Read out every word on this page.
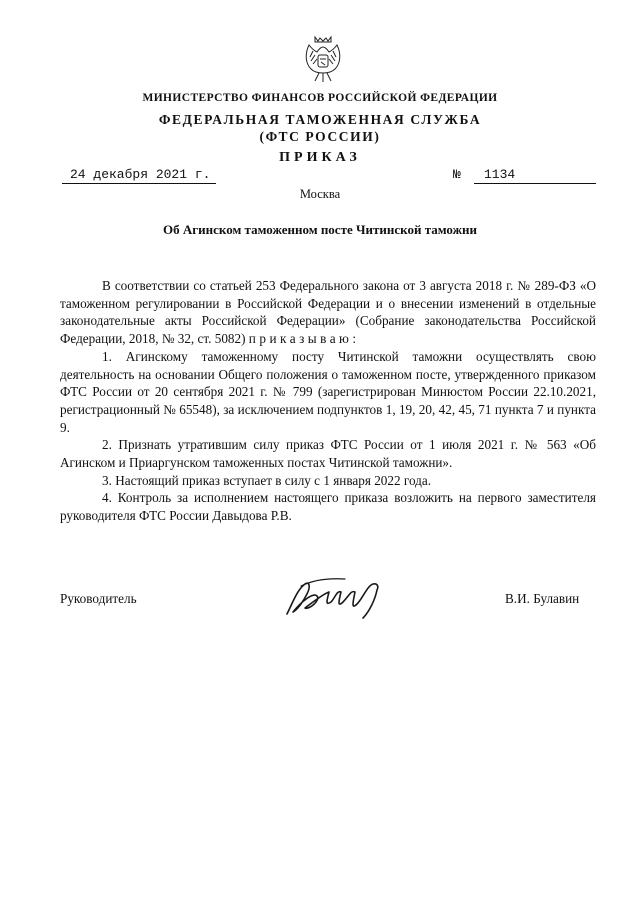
МИНИСТЕРСТВО ФИНАНСОВ РОССИЙСКОЙ ФЕДЕРАЦИИ
ФЕДЕРАЛЬНАЯ ТАМОЖЕННАЯ СЛУЖБА
(ФТС РОССИИ)
ПРИКАЗ
24 декабря 2021 г.	№	1134
Москва
Об Агинском таможенном посте Читинской таможни

В соответствии со статьей 253 Федерального закона от 3 августа 2018 г. № 289-ФЗ «О таможенном регулировании в Российской Федерации и о внесении изменений в отдельные законодательные акты Российской Федерации» (Собрание законодательства Российской Федерации, 2018, № 32, ст. 5082) приказываю:

1. Агинскому таможенному посту Читинской таможни осуществлять свою деятельность на основании Общего положения о таможенном посте, утвержденного приказом ФТС России от 20 сентября 2021 г. № 799 (зарегистрирован Минюстом России 22.10.2021, регистрационный № 65548), за исключением подпунктов 1, 19, 20, 42, 45, 71 пункта 7 и пункта 9.

2. Признать утратившим силу приказ ФТС России от 1 июля 2021 г. № 563 «Об Агинском и Приаргунском таможенных постах Читинской таможни».

3. Настоящий приказ вступает в силу с 1 января 2022 года.

4. Контроль за исполнением настоящего приказа возложить на первого заместителя руководителя ФТС России Давыдова Р.В.

Руководитель	В.И. Булавин
